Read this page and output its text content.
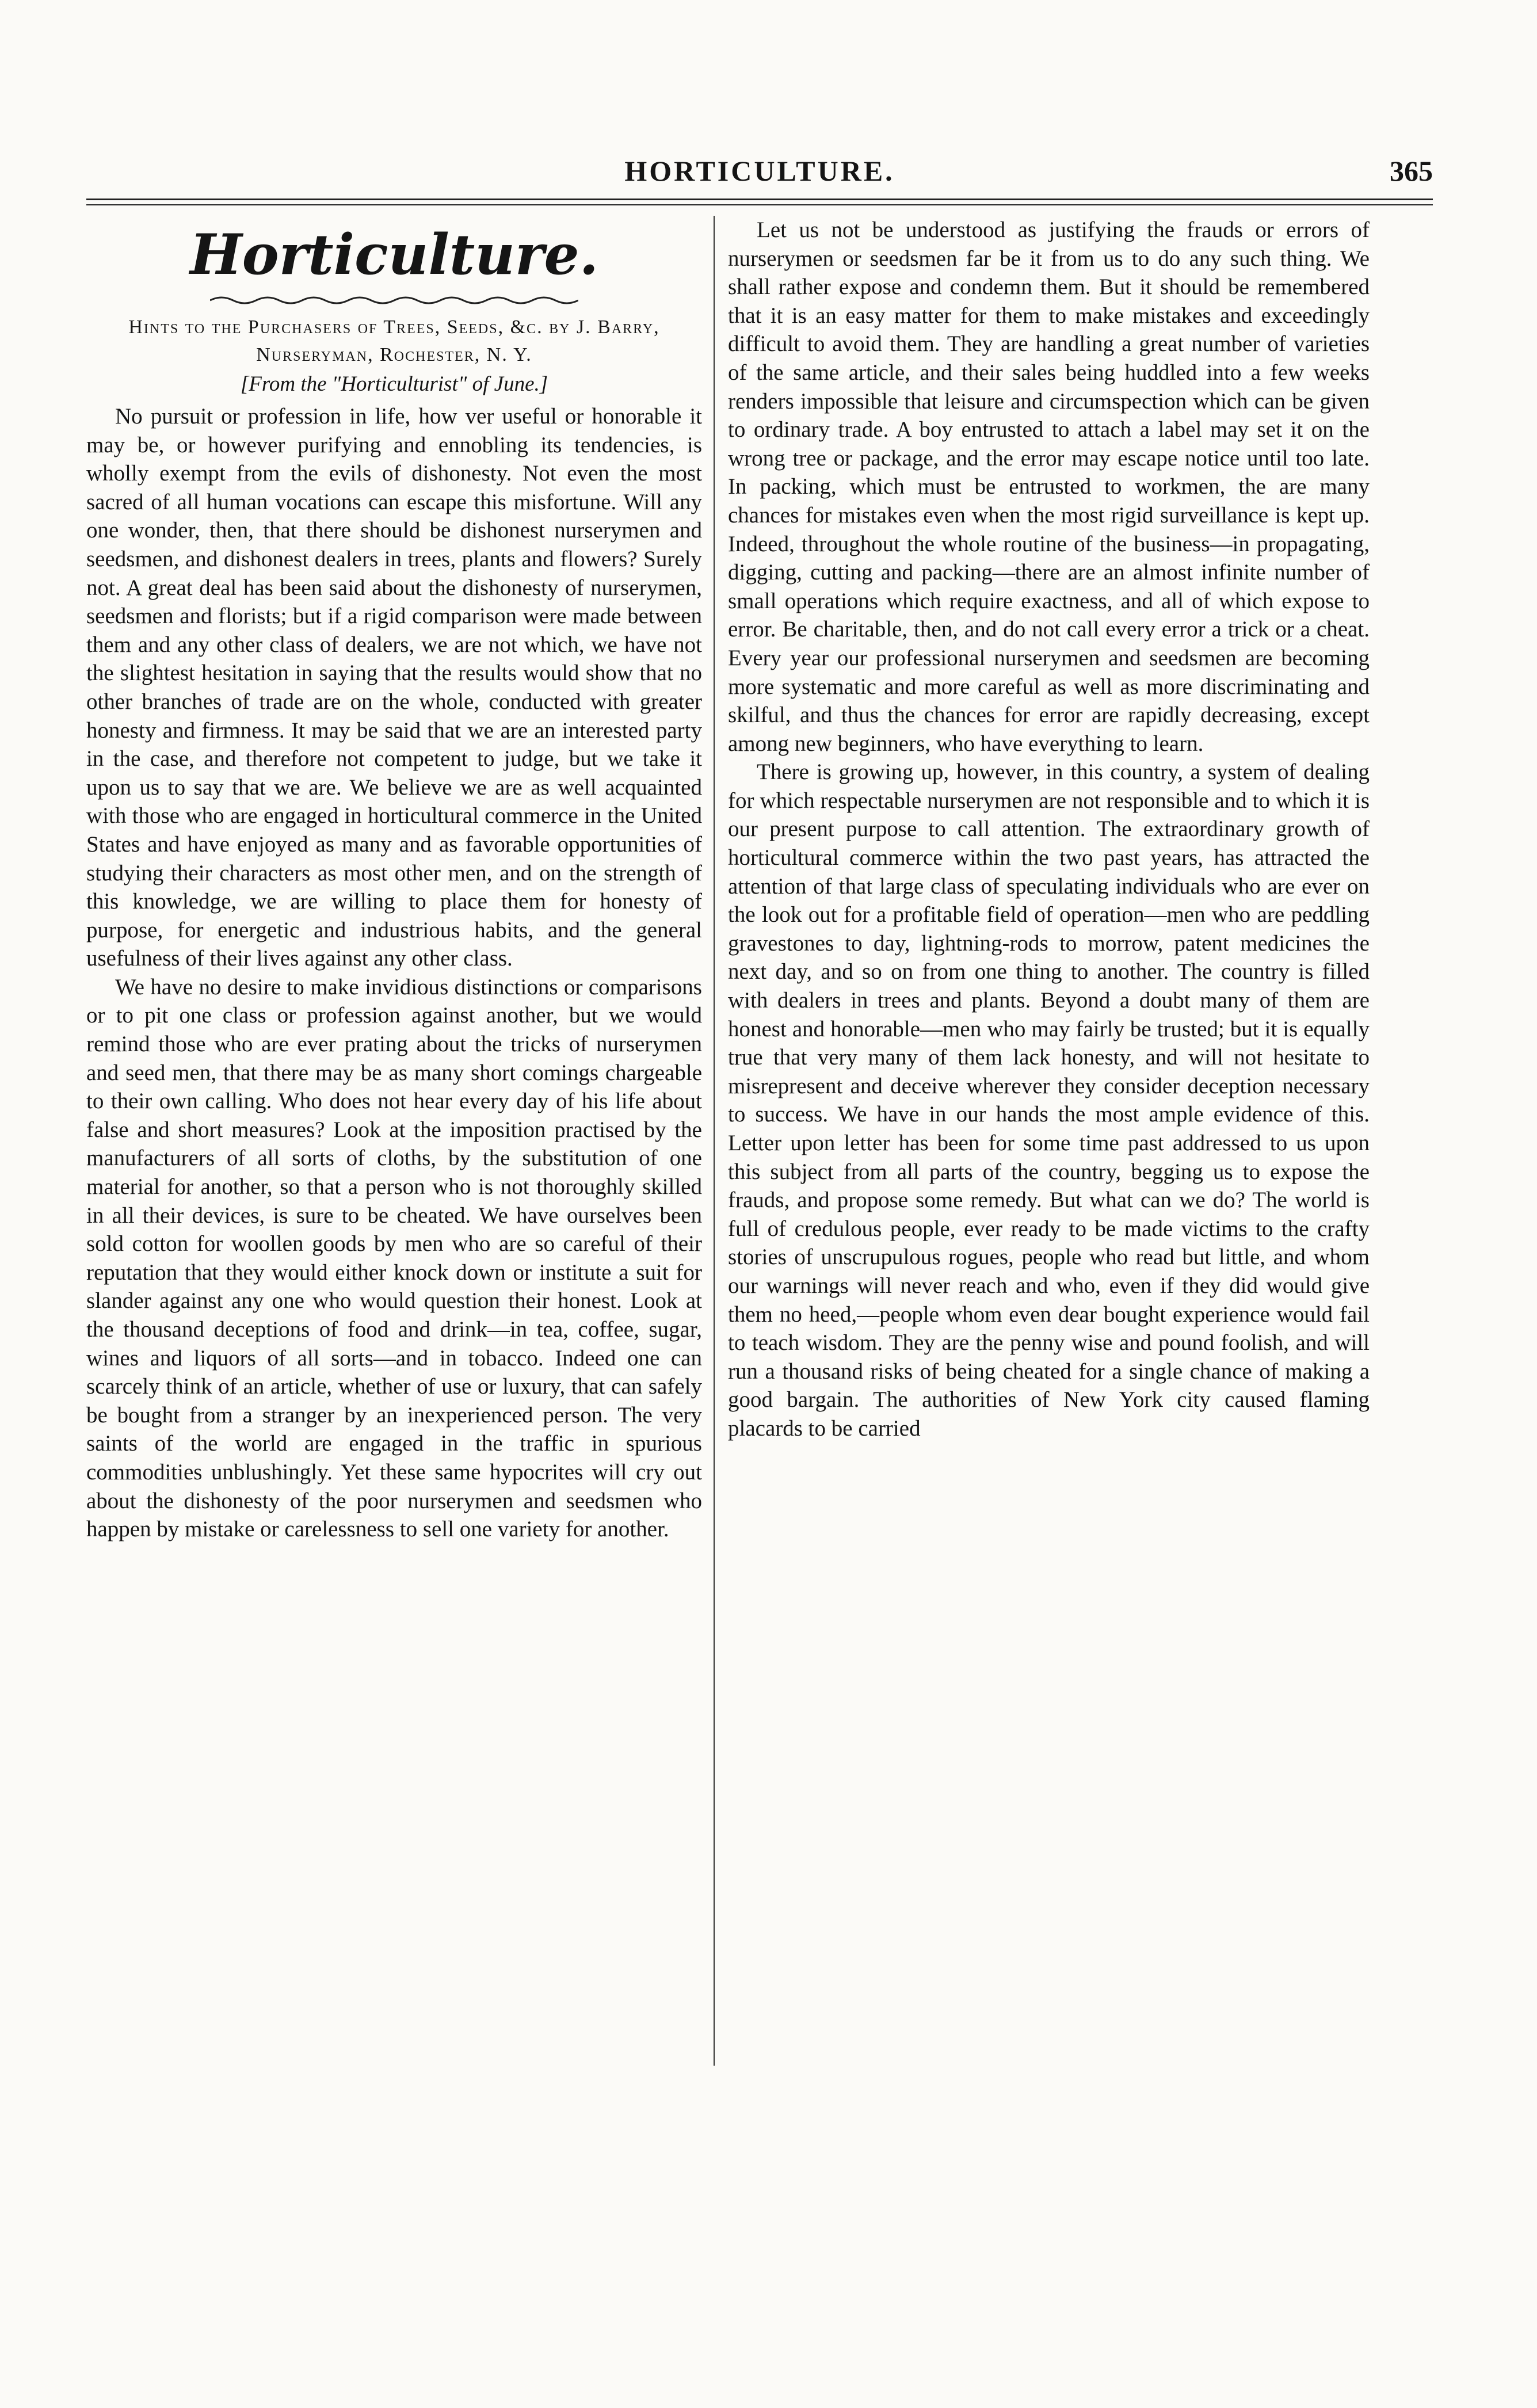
HORTICULTURE.	365
Horticulture.
Hints to the Purchasers of Trees, Seeds, &c. by J. Barry, Nurseryman, Rochester, N. Y.
[From the "Horticulturist" of June.]

No pursuit or profession in life, how ver useful or honorable it may be, or however purifying and ennobling its tendencies, is wholly exempt from the evils of dishonesty. Not even the most sacred of all human vocations can escape this misfortune. Will any one wonder, then, that there should be dishonest nurserymen and seedsmen, and dishonest dealers in trees, plants and flowers? Surely not. A great deal has been said about the dishonesty of nurserymen, seedsmen and florists; but if a rigid comparison were made between them and any other class of dealers, we are not which, we have not the slightest hesitation in saying that the results would show that no other branches of trade are on the whole, conducted with greater honesty and firmness. It may be said that we are an interested party in the case, and therefore not competent to judge, but we take it upon us to say that we are. We believe we are as well acquainted with those who are engaged in horticultural commerce in the United States and have enjoyed as many and as favorable opportunities of studying their characters as most other men, and on the strength of this knowledge, we are willing to place them for honesty of purpose, for energetic and industrious habits, and the general usefulness of their lives against any other class.

We have no desire to make invidious distinctions or comparisons or to pit one class or profession against another, but we would remind those who are ever prating about the tricks of nurserymen and seed men, that there may be as many short comings chargeable to their own calling. Who does not hear every day of his life about false and short measures? Look at the imposition practised by the manufacturers of all sorts of cloths, by the substitution of one material for another, so that a person who is not thoroughly skilled in all their devices, is sure to be cheated. We have ourselves been sold cotton for woollen goods by men who are so careful of their reputation that they would either knock down or institute a suit for slander against any one who would question their honest. Look at the thousand deceptions of food and drink—in tea, coffee, sugar, wines and liquors of all sorts—and in tobacco. Indeed one can scarcely think of an article, whether of use or luxury, that can safely be bought from a stranger by an inexperienced person. The very saints of the world are engaged in the traffic in spurious commodities unblushingly. Yet these same hypocrites will cry out about the dishonesty of the poor nurserymen and seedsmen who happen by mistake or carelessness to sell one variety for another.

Let us not be understood as justifying the frauds or errors of nurserymen or seedsmen far be it from us to do any such thing. We shall rather expose and condemn them. But it should be remembered that it is an easy matter for them to make mistakes and exceedingly difficult to avoid them. They are handling a great number of varieties of the same article, and their sales being huddled into a few weeks renders impossible that leisure and circumspection which can be given to ordinary trade. A boy entrusted to attach a label may set it on the wrong tree or package, and the error may escape notice until too late. In packing, which must be entrusted to workmen, the are many chances for mistakes even when the most rigid surveillance is kept up. Indeed, throughout the whole routine of the business—in propagating, digging, cutting and packing—there are an almost infinite number of small operations which require exactness, and all of which expose to error. Be charitable, then, and do not call every error a trick or a cheat. Every year our professional nurserymen and seedsmen are becoming more systematic and more careful as well as more discriminating and skilful, and thus the chances for error are rapidly decreasing, except among new beginners, who have everything to learn.

There is growing up, however, in this country, a system of dealing for which respectable nurserymen are not responsible and to which it is our present purpose to call attention. The extraordinary growth of horticultural commerce within the two past years, has attracted the attention of that large class of speculating individuals who are ever on the look out for a profitable field of operation—men who are peddling gravestones to day, lightning-rods to morrow, patent medicines the next day, and so on from one thing to another. The country is filled with dealers in trees and plants. Beyond a doubt many of them are honest and honorable—men who may fairly be trusted; but it is equally true that very many of them lack honesty, and will not hesitate to misrepresent and deceive wherever they consider deception necessary to success. We have in our hands the most ample evidence of this. Letter upon letter has been for some time past addressed to us upon this subject from all parts of the country, begging us to expose the frauds, and propose some remedy. But what can we do? The world is full of credulous people, ever ready to be made victims to the crafty stories of unscrupulous rogues, people who read but little, and whom our warnings will never reach and who, even if they did would give them no heed,—people whom even dear bought experience would fail to teach wisdom. They are the penny wise and pound foolish, and will run a thousand risks of being cheated for a single chance of making a good bargain. The authorities of New York city caused flaming placards to be carried
